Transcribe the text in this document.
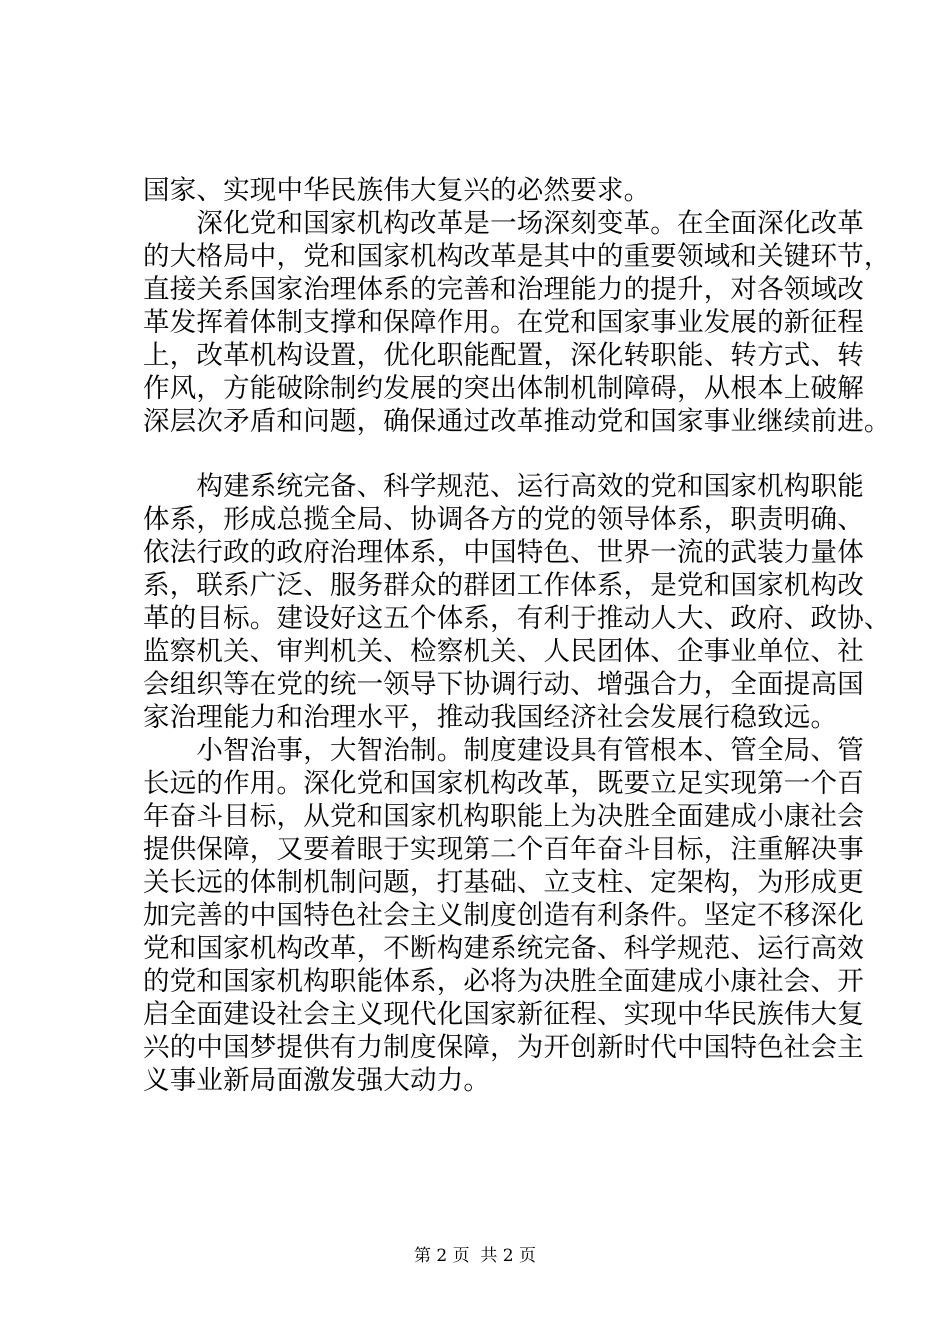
国家、实现中华民族伟大复兴的必然要求。
　　深化党和国家机构改革是一场深刻变革。在全面深化改革
的大格局中，党和国家机构改革是其中的重要领域和关键环节，
直接关系国家治理体系的完善和治理能力的提升，对各领域改
革发挥着体制支撑和保障作用。在党和国家事业发展的新征程
上，改革机构设置，优化职能配置，深化转职能、转方式、转
作风，方能破除制约发展的突出体制机制障碍，从根本上破解
深层次矛盾和问题，确保通过改革推动党和国家事业继续前进。
　　构建系统完备、科学规范、运行高效的党和国家机构职能
体系，形成总揽全局、协调各方的党的领导体系，职责明确、
依法行政的政府治理体系，中国特色、世界一流的武装力量体
系，联系广泛、服务群众的群团工作体系，是党和国家机构改
革的目标。建设好这五个体系，有利于推动人大、政府、政协、
监察机关、审判机关、检察机关、人民团体、企事业单位、社
会组织等在党的统一领导下协调行动、增强合力，全面提高国
家治理能力和治理水平，推动我国经济社会发展行稳致远。
　　小智治事，大智治制。制度建设具有管根本、管全局、管
长远的作用。深化党和国家机构改革，既要立足实现第一个百
年奋斗目标，从党和国家机构职能上为决胜全面建成小康社会
提供保障，又要着眼于实现第二个百年奋斗目标，注重解决事
关长远的体制机制问题，打基础、立支柱、定架构，为形成更
加完善的中国特色社会主义制度创造有利条件。坚定不移深化
党和国家机构改革，不断构建系统完备、科学规范、运行高效
的党和国家机构职能体系，必将为决胜全面建成小康社会、开
启全面建设社会主义现代化国家新征程、实现中华民族伟大复
兴的中国梦提供有力制度保障，为开创新时代中国特色社会主
义事业新局面激发强大动力。
第 2 页 共 2 页
